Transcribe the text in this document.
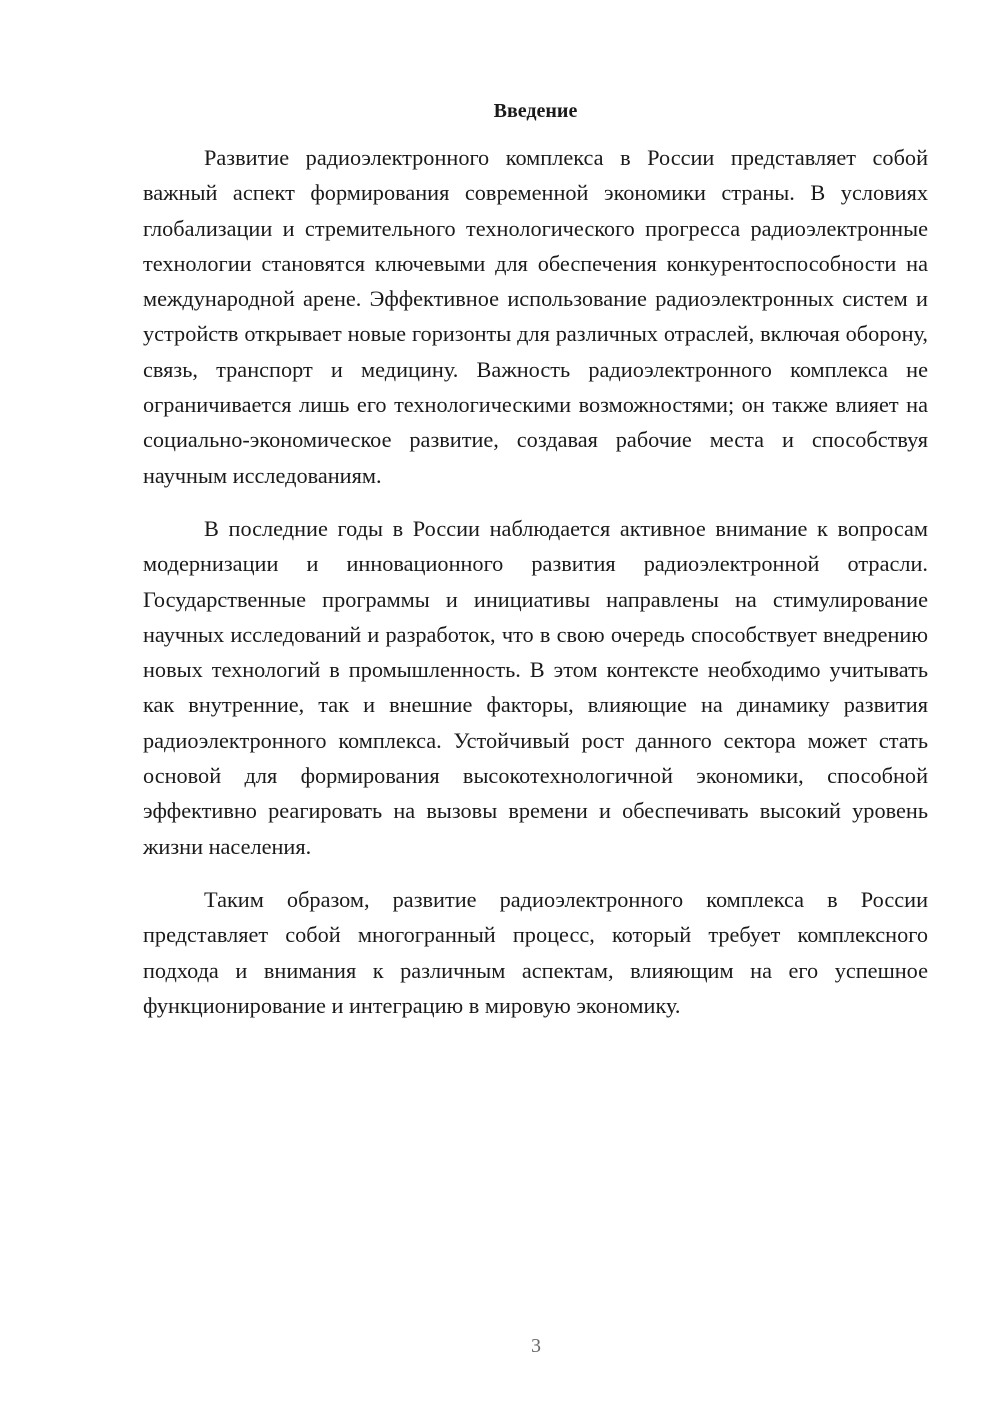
Введение

Развитие радиоэлектронного комплекса в России представляет собой важный аспект формирования современной экономики страны. В условиях глобализации и стремительного технологического прогресса радиоэлектронные технологии становятся ключевыми для обеспечения конкурентоспособности на международной арене. Эффективное использование радиоэлектронных систем и устройств открывает новые горизонты для различных отраслей, включая оборону, связь, транспорт и медицину. Важность радиоэлектронного комплекса не ограничивается лишь его технологическими возможностями; он также влияет на социально-экономическое развитие, создавая рабочие места и способствуя научным исследованиям.

В последние годы в России наблюдается активное внимание к вопросам модернизации и инновационного развития радиоэлектронной отрасли. Государственные программы и инициативы направлены на стимулирование научных исследований и разработок, что в свою очередь способствует внедрению новых технологий в промышленность. В этом контексте необходимо учитывать как внутренние, так и внешние факторы, влияющие на динамику развития радиоэлектронного комплекса. Устойчивый рост данного сектора может стать основой для формирования высокотехнологичной экономики, способной эффективно реагировать на вызовы времени и обеспечивать высокий уровень жизни населения.

Таким образом, развитие радиоэлектронного комплекса в России представляет собой многогранный процесс, который требует комплексного подхода и внимания к различным аспектам, влияющим на его успешное функционирование и интеграцию в мировую экономику.

3
